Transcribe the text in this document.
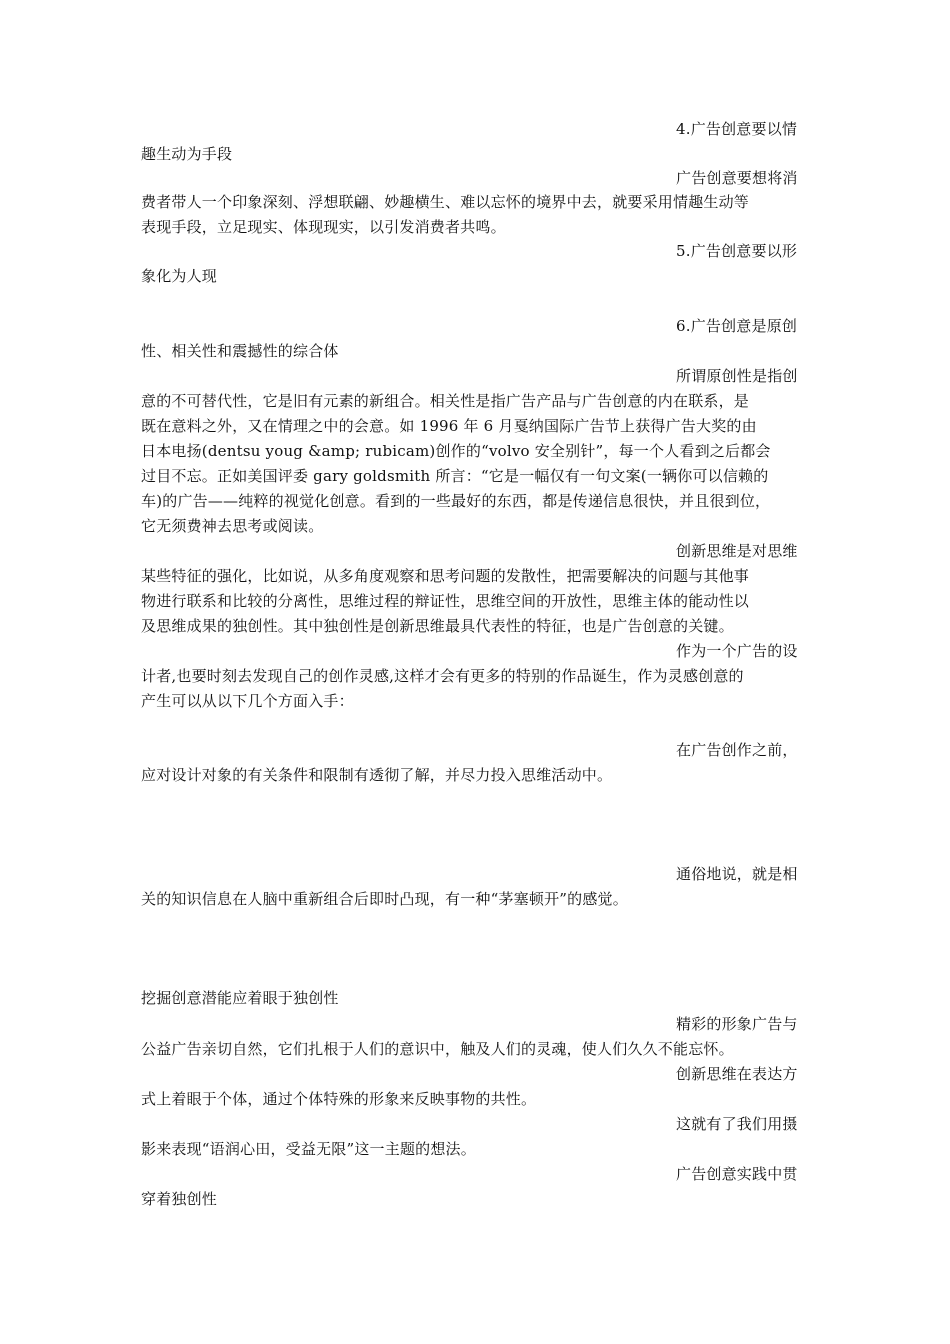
4.广告创意要以情
趣生动为手段
广告创意要想将消
费者带人一个印象深刻、浮想联翩、妙趣横生、难以忘怀的境界中去，就要采用情趣生动等
表现手段，立足现实、体现现实，以引发消费者共鸣。
5.广告创意要以形
象化为人现
6.广告创意是原创
性、相关性和震撼性的综合体
所谓原创性是指创
意的不可替代性，它是旧有元素的新组合。相关性是指广告产品与广告创意的内在联系，是
既在意料之外，又在情理之中的会意。如 1996 年 6 月戛纳国际广告节上获得广告大奖的由
日本电扬(dentsu youg &amp; rubicam)创作的“volvo 安全别针”，每一个人看到之后都会
过目不忘。正如美国评委 gary goldsmith 所言：“它是一幅仅有一句文案(一辆你可以信赖的
车)的广告——纯粹的视觉化创意。看到的一些最好的东西，都是传递信息很快，并且很到位，
它无须费神去思考或阅读。
创新思维是对思维
某些特征的强化，比如说，从多角度观察和思考问题的发散性，把需要解决的问题与其他事
物进行联系和比较的分离性，思维过程的辩证性，思维空间的开放性，思维主体的能动性以
及思维成果的独创性。其中独创性是创新思维最具代表性的特征，也是广告创意的关键。
作为一个广告的设
计者,也要时刻去发现自己的创作灵感,这样才会有更多的特别的作品诞生，作为灵感创意的
产生可以从以下几个方面入手：
在广告创作之前，
应对设计对象的有关条件和限制有透彻了解，并尽力投入思维活动中。
通俗地说，就是相
关的知识信息在人脑中重新组合后即时凸现，有一种“茅塞顿开”的感觉。
挖掘创意潜能应着眼于独创性
精彩的形象广告与
公益广告亲切自然，它们扎根于人们的意识中，触及人们的灵魂，使人们久久不能忘怀。
创新思维在表达方
式上着眼于个体，通过个体特殊的形象来反映事物的共性。
这就有了我们用摄
影来表现“语润心田，受益无限”这一主题的想法。
广告创意实践中贯
穿着独创性
